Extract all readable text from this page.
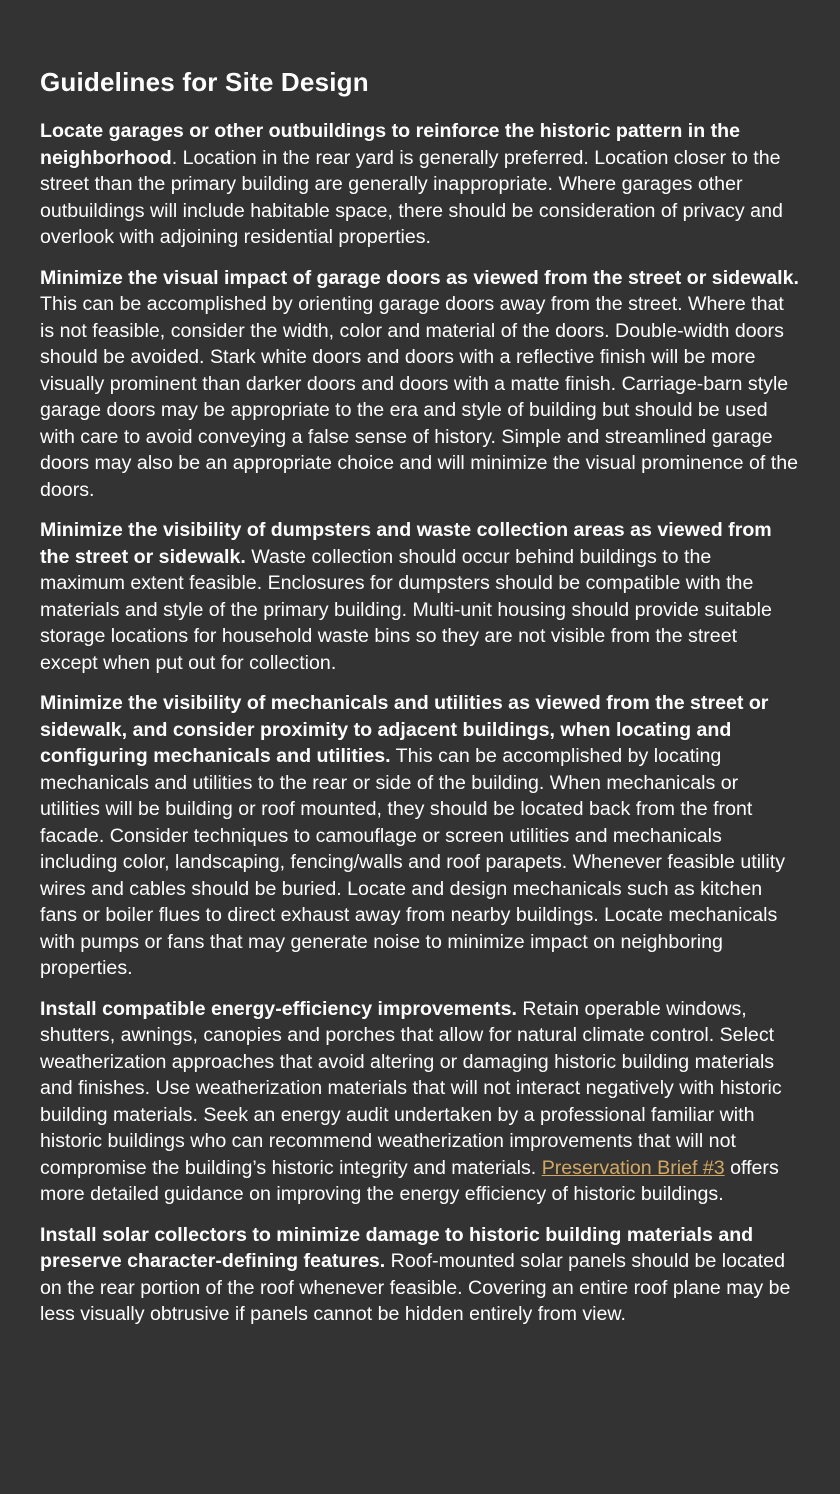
Guidelines for Site Design

Locate garages or other outbuildings to reinforce the historic pattern in the neighborhood. Location in the rear yard is generally preferred. Location closer to the street than the primary building are generally inappropriate. Where garages other outbuildings will include habitable space, there should be consideration of privacy and overlook with adjoining residential properties.

Minimize the visual impact of garage doors as viewed from the street or sidewalk. This can be accomplished by orienting garage doors away from the street. Where that is not feasible, consider the width, color and material of the doors. Double-width doors should be avoided. Stark white doors and doors with a reflective finish will be more visually prominent than darker doors and doors with a matte finish. Carriage-barn style garage doors may be appropriate to the era and style of building but should be used with care to avoid conveying a false sense of history. Simple and streamlined garage doors may also be an appropriate choice and will minimize the visual prominence of the doors.

Minimize the visibility of dumpsters and waste collection areas as viewed from the street or sidewalk. Waste collection should occur behind buildings to the maximum extent feasible. Enclosures for dumpsters should be compatible with the materials and style of the primary building. Multi-unit housing should provide suitable storage locations for household waste bins so they are not visible from the street except when put out for collection.

Minimize the visibility of mechanicals and utilities as viewed from the street or sidewalk, and consider proximity to adjacent buildings, when locating and configuring mechanicals and utilities. This can be accomplished by locating mechanicals and utilities to the rear or side of the building. When mechanicals or utilities will be building or roof mounted, they should be located back from the front facade. Consider techniques to camouflage or screen utilities and mechanicals including color, landscaping, fencing/walls and roof parapets. Whenever feasible utility wires and cables should be buried. Locate and design mechanicals such as kitchen fans or boiler flues to direct exhaust away from nearby buildings. Locate mechanicals with pumps or fans that may generate noise to minimize impact on neighboring properties.

Install compatible energy-efficiency improvements. Retain operable windows, shutters, awnings, canopies and porches that allow for natural climate control. Select weatherization approaches that avoid altering or damaging historic building materials and finishes. Use weatherization materials that will not interact negatively with historic building materials. Seek an energy audit undertaken by a professional familiar with historic buildings who can recommend weatherization improvements that will not compromise the building’s historic integrity and materials. Preservation Brief #3 offers more detailed guidance on improving the energy efficiency of historic buildings.

Install solar collectors to minimize damage to historic building materials and preserve character-defining features. Roof-mounted solar panels should be located on the rear portion of the roof whenever feasible. Covering an entire roof plane may be less visually obtrusive if panels cannot be hidden entirely from view.
